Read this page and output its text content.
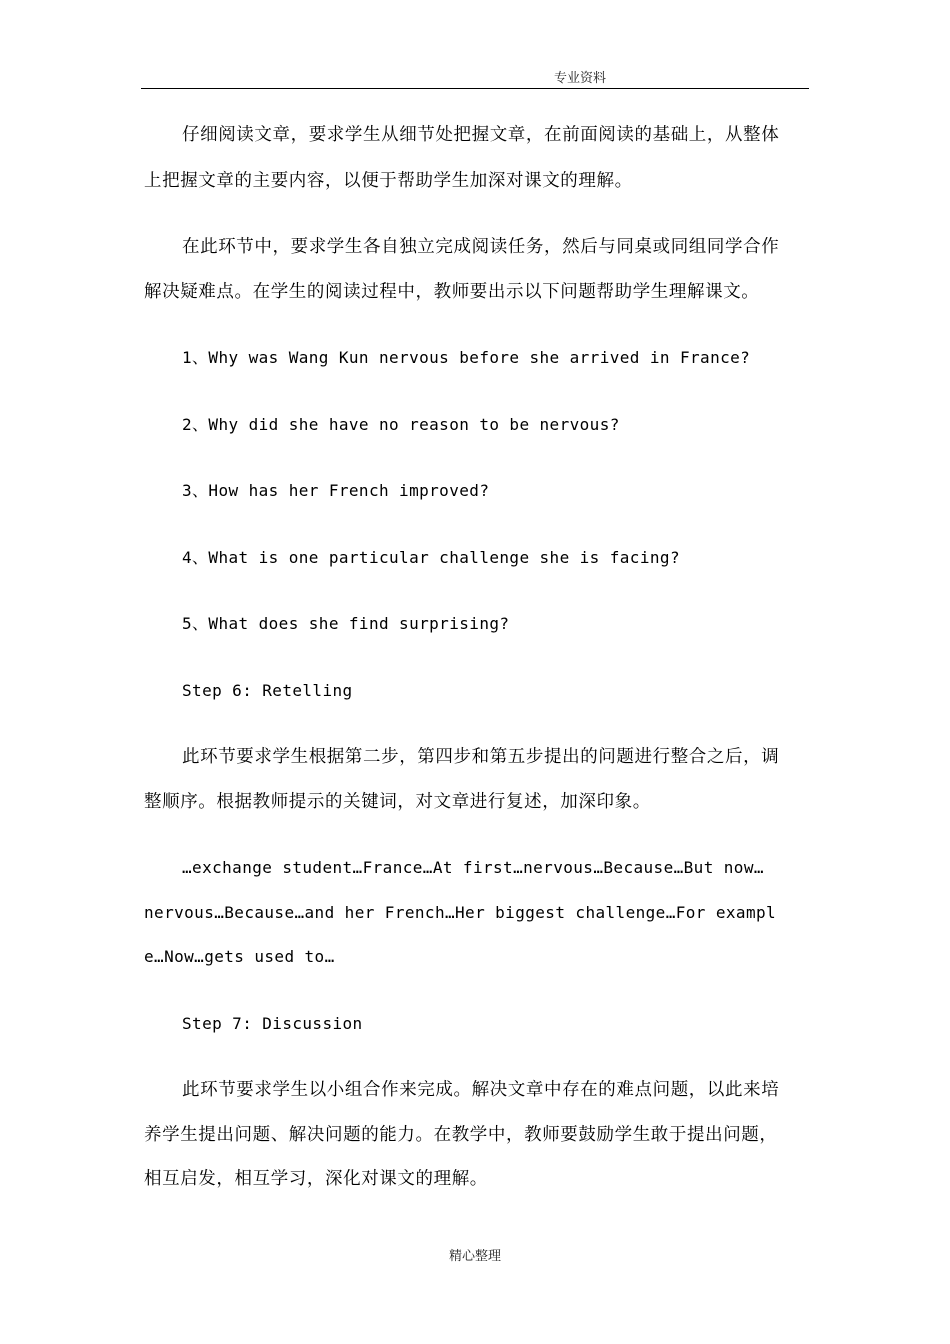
专业资料
仔细阅读文章，要求学生从细节处把握文章，在前面阅读的基础上，从整体
上把握文章的主要内容，以便于帮助学生加深对课文的理解。
在此环节中，要求学生各自独立完成阅读任务，然后与同桌或同组同学合作
解决疑难点。在学生的阅读过程中，教师要出示以下问题帮助学生理解课文。
1、Why was Wang Kun nervous before she arrived in France?
2、Why did she have no reason to be nervous?
3、How has her French improved?
4、What is one particular challenge she is facing?
5、What does she find surprising?
Step 6: Retelling
此环节要求学生根据第二步，第四步和第五步提出的问题进行整合之后，调
整顺序。根据教师提示的关键词，对文章进行复述，加深印象。
…exchange student…France…At first…nervous…Because…But now…
nervous…Because…and her French…Her biggest challenge…For exampl
e…Now…gets used to…
Step 7: Discussion
此环节要求学生以小组合作来完成。解决文章中存在的难点问题，以此来培
养学生提出问题、解决问题的能力。在教学中，教师要鼓励学生敢于提出问题，
相互启发，相互学习，深化对课文的理解。
精心整理
